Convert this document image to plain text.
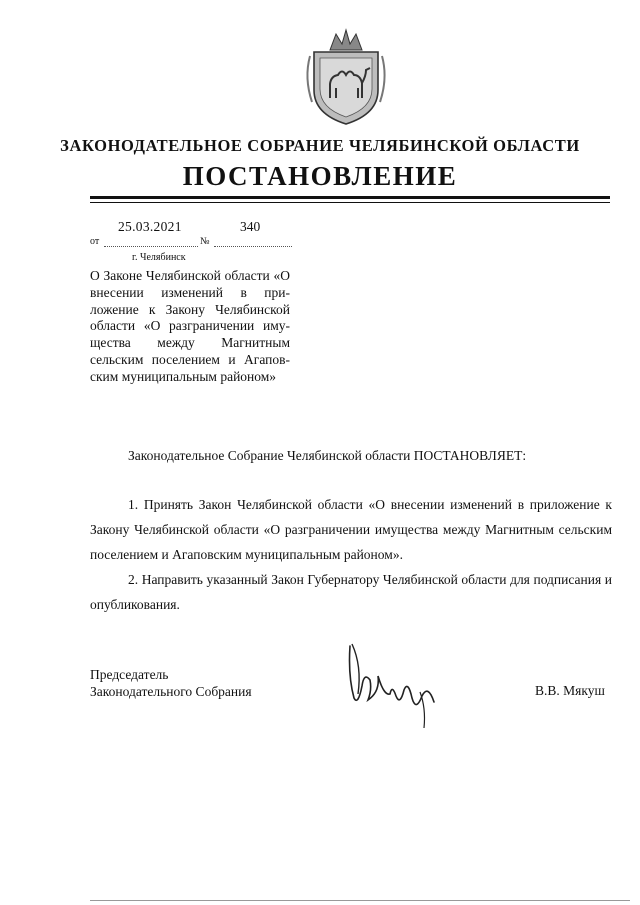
ЗАКОНОДАТЕЛЬНОЕ СОБРАНИЕ ЧЕЛЯБИНСКОЙ ОБЛАСТИ
ПОСТАНОВЛЕНИЕ
25.03.2021	340
от	№
г. Челябинск
О Законе Челябинской области «О внесении изменений в приложение к Закону Челябинской области «О разграничении имущества между Магнитным сельским поселением и Агаповским муниципальным районом»
Законодательное Собрание Челябинской области ПОСТАНОВЛЯЕТ:
1. Принять Закон Челябинской области «О внесении изменений в приложение к Закону Челябинской области «О разграничении имущества между Магнитным сельским поселением и Агаповским муниципальным районом».
2. Направить указанный Закон Губернатору Челябинской области для подписания и опубликования.
Председатель
Законодательного Собрания	В.В. Мякуш
